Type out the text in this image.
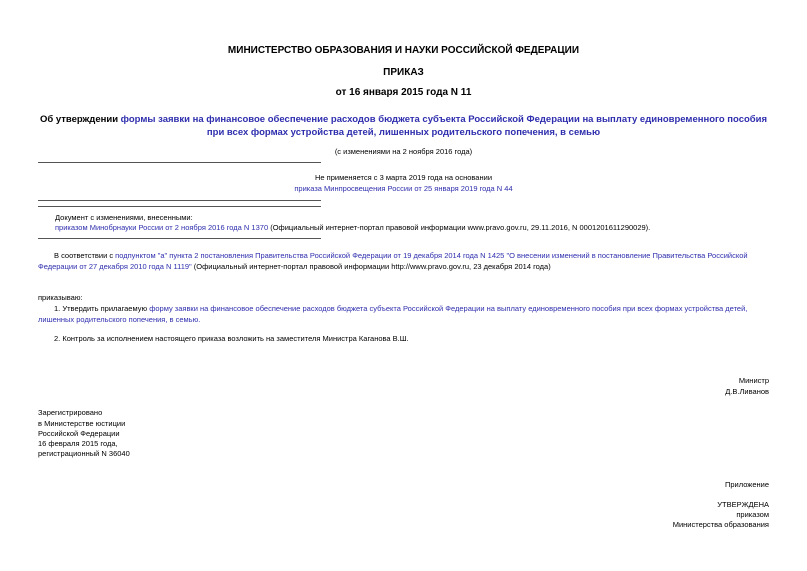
МИНИСТЕРСТВО ОБРАЗОВАНИЯ И НАУКИ РОССИЙСКОЙ ФЕДЕРАЦИИ
ПРИКАЗ
от 16 января 2015 года N 11
Об утверждении формы заявки на финансовое обеспечение расходов бюджета субъекта Российской Федерации на выплату единовременного пособия при всех формах устройства детей, лишенных родительского попечения, в семью
(с изменениями на 2 ноября 2016 года)
Не применяется с 3 марта 2019 года на основании
приказа Минпросвещения России от 25 января 2019 года N 44
Документ с изменениями, внесенными:
приказом Минобрнауки России от 2 ноября 2016 года N 1370 (Официальный интернет-портал правовой информации www.pravo.gov.ru, 29.11.2016, N 0001201611290029).
В соответствии с подпунктом "а" пункта 2 постановления Правительства Российской Федерации от 19 декабря 2014 года N 1425 "О внесении изменений в постановление Правительства Российской Федерации от 27 декабря 2010 года N 1119" (Официальный интернет-портал правовой информации http://www.pravo.gov.ru, 23 декабря 2014 года)
приказываю:
1. Утвердить прилагаемую форму заявки на финансовое обеспечение расходов бюджета субъекта Российской Федерации на выплату единовременного пособия при всех формах устройства детей, лишенных родительского попечения, в семью.
2. Контроль за исполнением настоящего приказа возложить на заместителя Министра Каганова В.Ш.
Министр
Д.В.Ливанов
Зарегистрировано
в Министерстве юстиции
Российской Федерации
16 февраля 2015 года,
регистрационный N 36040
Приложение
УТВЕРЖДЕНА
приказом
Министерства образования
